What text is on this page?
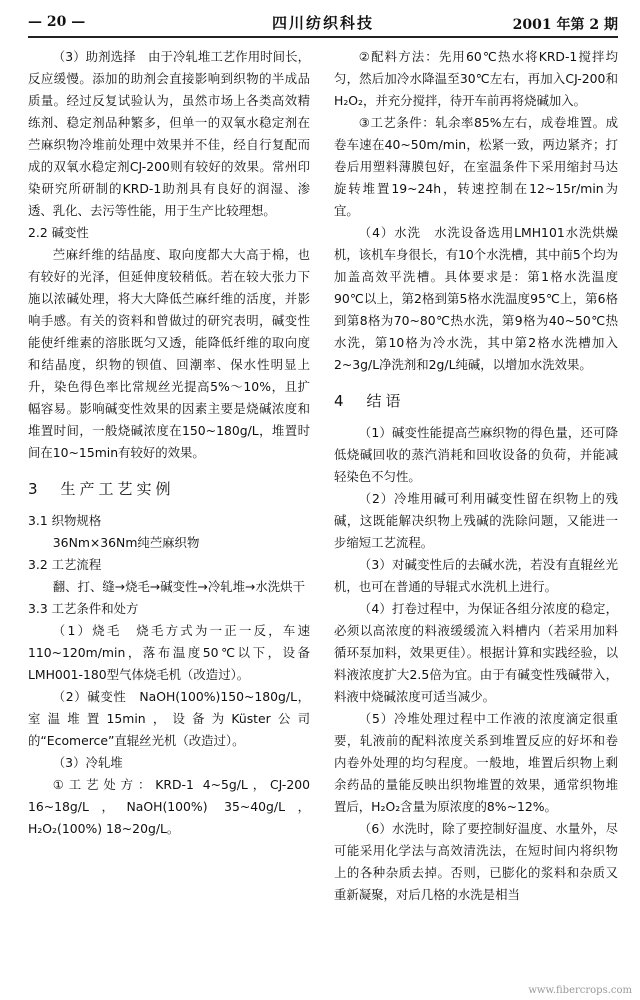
— 20 —	四川纺织科技	2001 年第 2 期

（3）助剂选择　由于冷轧堆工艺作用时间长，反应缓慢。添加的助剂会直接影响到织物的半成品质量。经过反复试验认为，虽然市场上各类高效精练剂、稳定剂品种繁多，但单一的双氧水稳定剂在苎麻织物冷堆前处理中效果并不佳，经自行复配而成的双氧水稳定剂CJ-200则有较好的效果。常州印染研究所研制的KRD-1助剂具有良好的润湿、渗透、乳化、去污等性能，用于生产比较理想。

2.2 碱变性

苎麻纤维的结晶度、取向度都大大高于棉，也有较好的光泽，但延伸度较稍低。若在较大张力下施以浓碱处理，将大大降低苎麻纤维的活度，并影响手感。有关的资料和曾做过的研究表明，碱变性能使纤维素的溶胀既匀又透，能降低纤维的取向度和结晶度，织物的钡值、回潮率、保水性明显上升，染色得色率比常规丝光提高5%～10%，且扩幅容易。影响碱变性效果的因素主要是烧碱浓度和堆置时间，一般烧碱浓度在150~180g/L，堆置时间在10~15min有较好的效果。

3　生产工艺实例

3.1 织物规格

36Nm×36Nm纯苎麻织物

3.2 工艺流程

翻、打、缝→烧毛→碱变性→冷轧堆→水洗烘干

3.3 工艺条件和处方

（1）烧毛　烧毛方式为一正一反，车速110~120m/min，落布温度50℃以下，设备LMH001-180型气体烧毛机（改造过）。

（2）碱变性　NaOH(100%)150~180g/L，室温堆置15min，设备为Küster公司的“Ecomerce”直辊丝光机（改造过）。

（3）冷轧堆

①工艺处方：KRD-1 4~5g/L，CJ-200 16~18g/L，NaOH(100%) 35~40g/L，H₂O₂(100%) 18~20g/L。

②配料方法：先用60℃热水将KRD-1搅拌均匀，然后加冷水降温至30℃左右，再加入CJ-200和H₂O₂，并充分搅拌，待开车前再将烧碱加入。

③工艺条件：轧余率85%左右，成卷堆置。成卷车速在40~50m/min，松紧一致，两边紧齐；打卷后用塑料薄膜包好，在室温条件下采用缩封马达旋转堆置19~24h，转速控制在12~15r/min为宜。

（4）水洗　水洗设备选用LMH101水洗烘燥机，该机车身很长，有10个水洗槽，其中前5个均为加盖高效平洗槽。具体要求是：第1格水洗温度90℃以上，第2格到第5格水洗温度95℃上，第6格到第8格为70~80℃热水洗，第9格为40~50℃热水洗，第10格为冷水洗，其中第2格水洗槽加入2~3g/L净洗剂和2g/L纯碱，以增加水洗效果。

4　结语

（1）碱变性能提高苎麻织物的得色量，还可降低烧碱回收的蒸汽消耗和回收设备的负荷，并能减轻染色不匀性。

（2）冷堆用碱可利用碱变性留在织物上的残碱，这既能解决织物上残碱的洗除问题，又能进一步缩短工艺流程。

（3）对碱变性后的去碱水洗，若没有直辊丝光机，也可在普通的导辊式水洗机上进行。

（4）打卷过程中，为保证各组分浓度的稳定，必须以高浓度的料液缓缓流入料槽内（若采用加料循环泵加料，效果更佳）。根据计算和实践经验，以料液浓度扩大2.5倍为宜。由于有碱变性残碱带入，料液中烧碱浓度可适当减少。

（5）冷堆处理过程中工作液的浓度滴定很重要，轧液前的配料浓度关系到堆置反应的好坏和卷内卷外处理的均匀程度。一般地，堆置后织物上剩余药品的量能反映出织物堆置的效果，通常织物堆置后，H₂O₂含量为原浓度的8%~12%。

（6）水洗时，除了要控制好温度、水量外，尽可能采用化学法与高效清洗法，在短时间内将织物上的各种杂质去掉。否则，已膨化的浆料和杂质又重新凝聚，对后几格的水洗是相当

www.fibercrops.com
